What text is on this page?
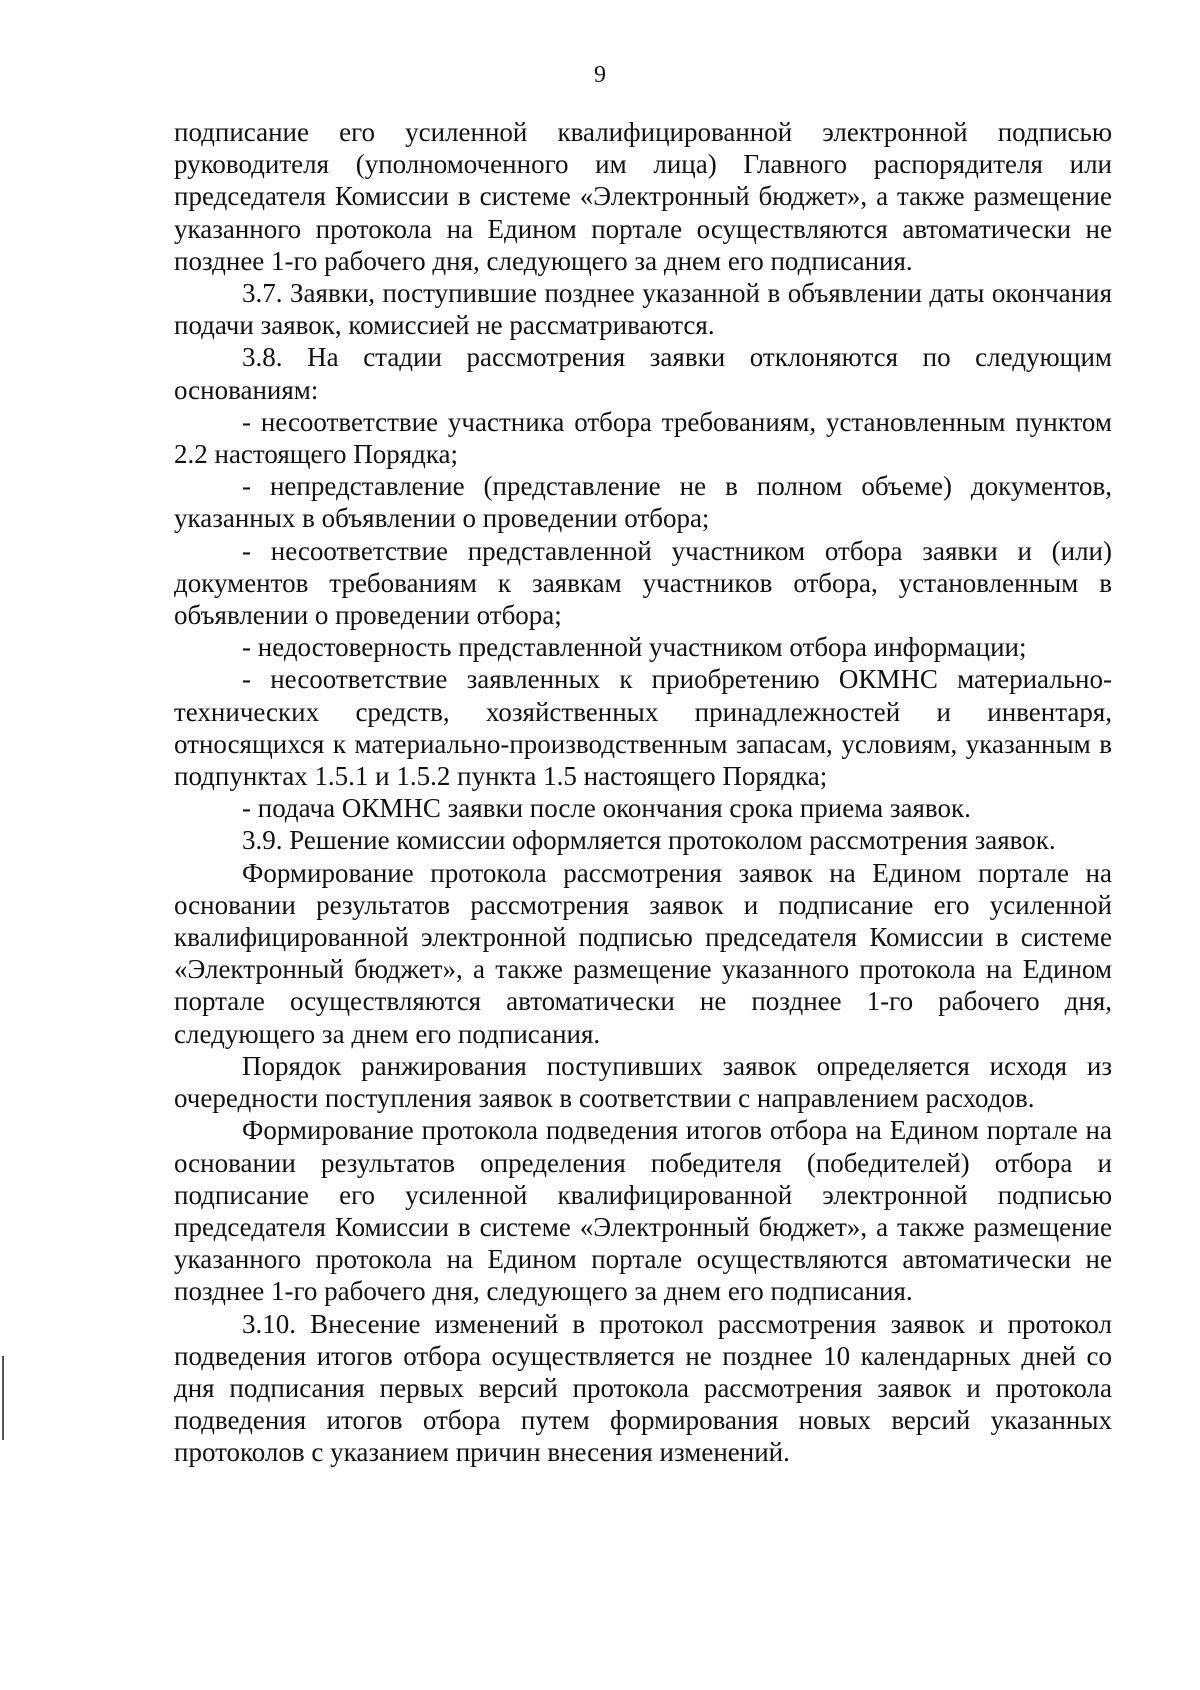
9

подписание его усиленной квалифицированной электронной подписью руководителя (уполномоченного им лица) Главного распорядителя или председателя Комиссии в системе «Электронный бюджет», а также размещение указанного протокола на Едином портале осуществляются автоматически не позднее 1-го рабочего дня, следующего за днем его подписания.

3.7. Заявки, поступившие позднее указанной в объявлении даты окончания подачи заявок, комиссией не рассматриваются.

3.8. На стадии рассмотрения заявки отклоняются по следующим основаниям:

- несоответствие участника отбора требованиям, установленным пунктом 2.2 настоящего Порядка;

- непредставление (представление не в полном объеме) документов, указанных в объявлении о проведении отбора;

- несоответствие представленной участником отбора заявки и (или) документов требованиям к заявкам участников отбора, установленным в объявлении о проведении отбора;

- недостоверность представленной участником отбора информации;

- несоответствие заявленных к приобретению ОКМНС материально-технических средств, хозяйственных принадлежностей и инвентаря, относящихся к материально-производственным запасам, условиям, указанным в подпунктах 1.5.1 и 1.5.2 пункта 1.5 настоящего Порядка;

- подача ОКМНС заявки после окончания срока приема заявок.

3.9. Решение комиссии оформляется протоколом рассмотрения заявок.

Формирование протокола рассмотрения заявок на Едином портале на основании результатов рассмотрения заявок и подписание его усиленной квалифицированной электронной подписью председателя Комиссии в системе «Электронный бюджет», а также размещение указанного протокола на Едином портале осуществляются автоматически не позднее 1-го рабочего дня, следующего за днем его подписания.

Порядок ранжирования поступивших заявок определяется исходя из очередности поступления заявок в соответствии с направлением расходов.

Формирование протокола подведения итогов отбора на Едином портале на основании результатов определения победителя (победителей) отбора и подписание его усиленной квалифицированной электронной подписью председателя Комиссии в системе «Электронный бюджет», а также размещение указанного протокола на Едином портале осуществляются автоматически не позднее 1-го рабочего дня, следующего за днем его подписания.

3.10. Внесение изменений в протокол рассмотрения заявок и протокол подведения итогов отбора осуществляется не позднее 10 календарных дней со дня подписания первых версий протокола рассмотрения заявок и протокола подведения итогов отбора путем формирования новых версий указанных протоколов с указанием причин внесения изменений.
